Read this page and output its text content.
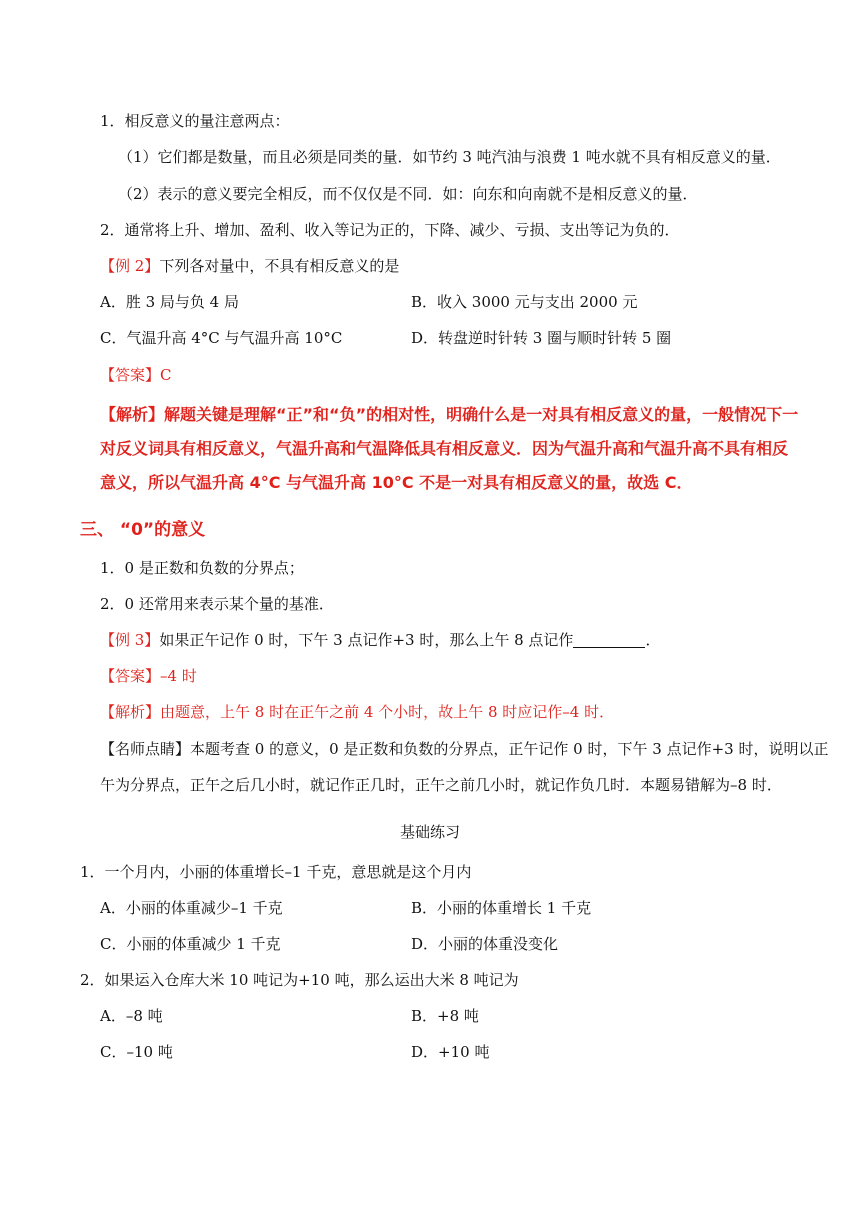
1．相反意义的量注意两点：
（1）它们都是数量，而且必须是同类的量．如节约 3 吨汽油与浪费 1 吨水就不具有相反意义的量．
（2）表示的意义要完全相反，而不仅仅是不同．如：向东和向南就不是相反意义的量．
2．通常将上升、增加、盈利、收入等记为正的，下降、减少、亏损、支出等记为负的．
【例 2】下列各对量中，不具有相反意义的是
A．胜 3 局与负 4 局	B．收入 3000 元与支出 2000 元
C．气温升高 4°C 与气温升高 10°C	D．转盘逆时针转 3 圈与顺时针转 5 圈
【答案】C
【解析】解题关键是理解“正”和“负”的相对性，明确什么是一对具有相反意义的量，一般情况下一对反义词具有相反意义，气温升高和气温降低具有相反意义．因为气温升高和气温升高不具有相反意义，所以气温升高 4°C 与气温升高 10°C 不是一对具有相反意义的量，故选 C．
三、 “0”的意义
1．0 是正数和负数的分界点；
2．0 还常用来表示某个量的基准．
【例 3】如果正午记作 0 时，下午 3 点记作+3 时，那么上午 8 点记作	．
【答案】–4 时
【解析】由题意，上午 8 时在正午之前 4 个小时，故上午 8 时应记作–4 时．
【名师点睛】本题考查 0 的意义，0 是正数和负数的分界点，正午记作 0 时，下午 3 点记作+3 时，说明以正
午为分界点，正午之后几小时，就记作正几时，正午之前几小时，就记作负几时．本题易错解为–8 时．
基础练习
1．一个月内，小丽的体重增长–1 千克，意思就是这个月内
A．小丽的体重减少–1 千克	B．小丽的体重增长 1 千克
C．小丽的体重减少 1 千克	D．小丽的体重没变化
2．如果运入仓库大米 10 吨记为+10 吨，那么运出大米 8 吨记为
A．–8 吨	B．+8 吨
C．–10 吨	D．+10 吨
